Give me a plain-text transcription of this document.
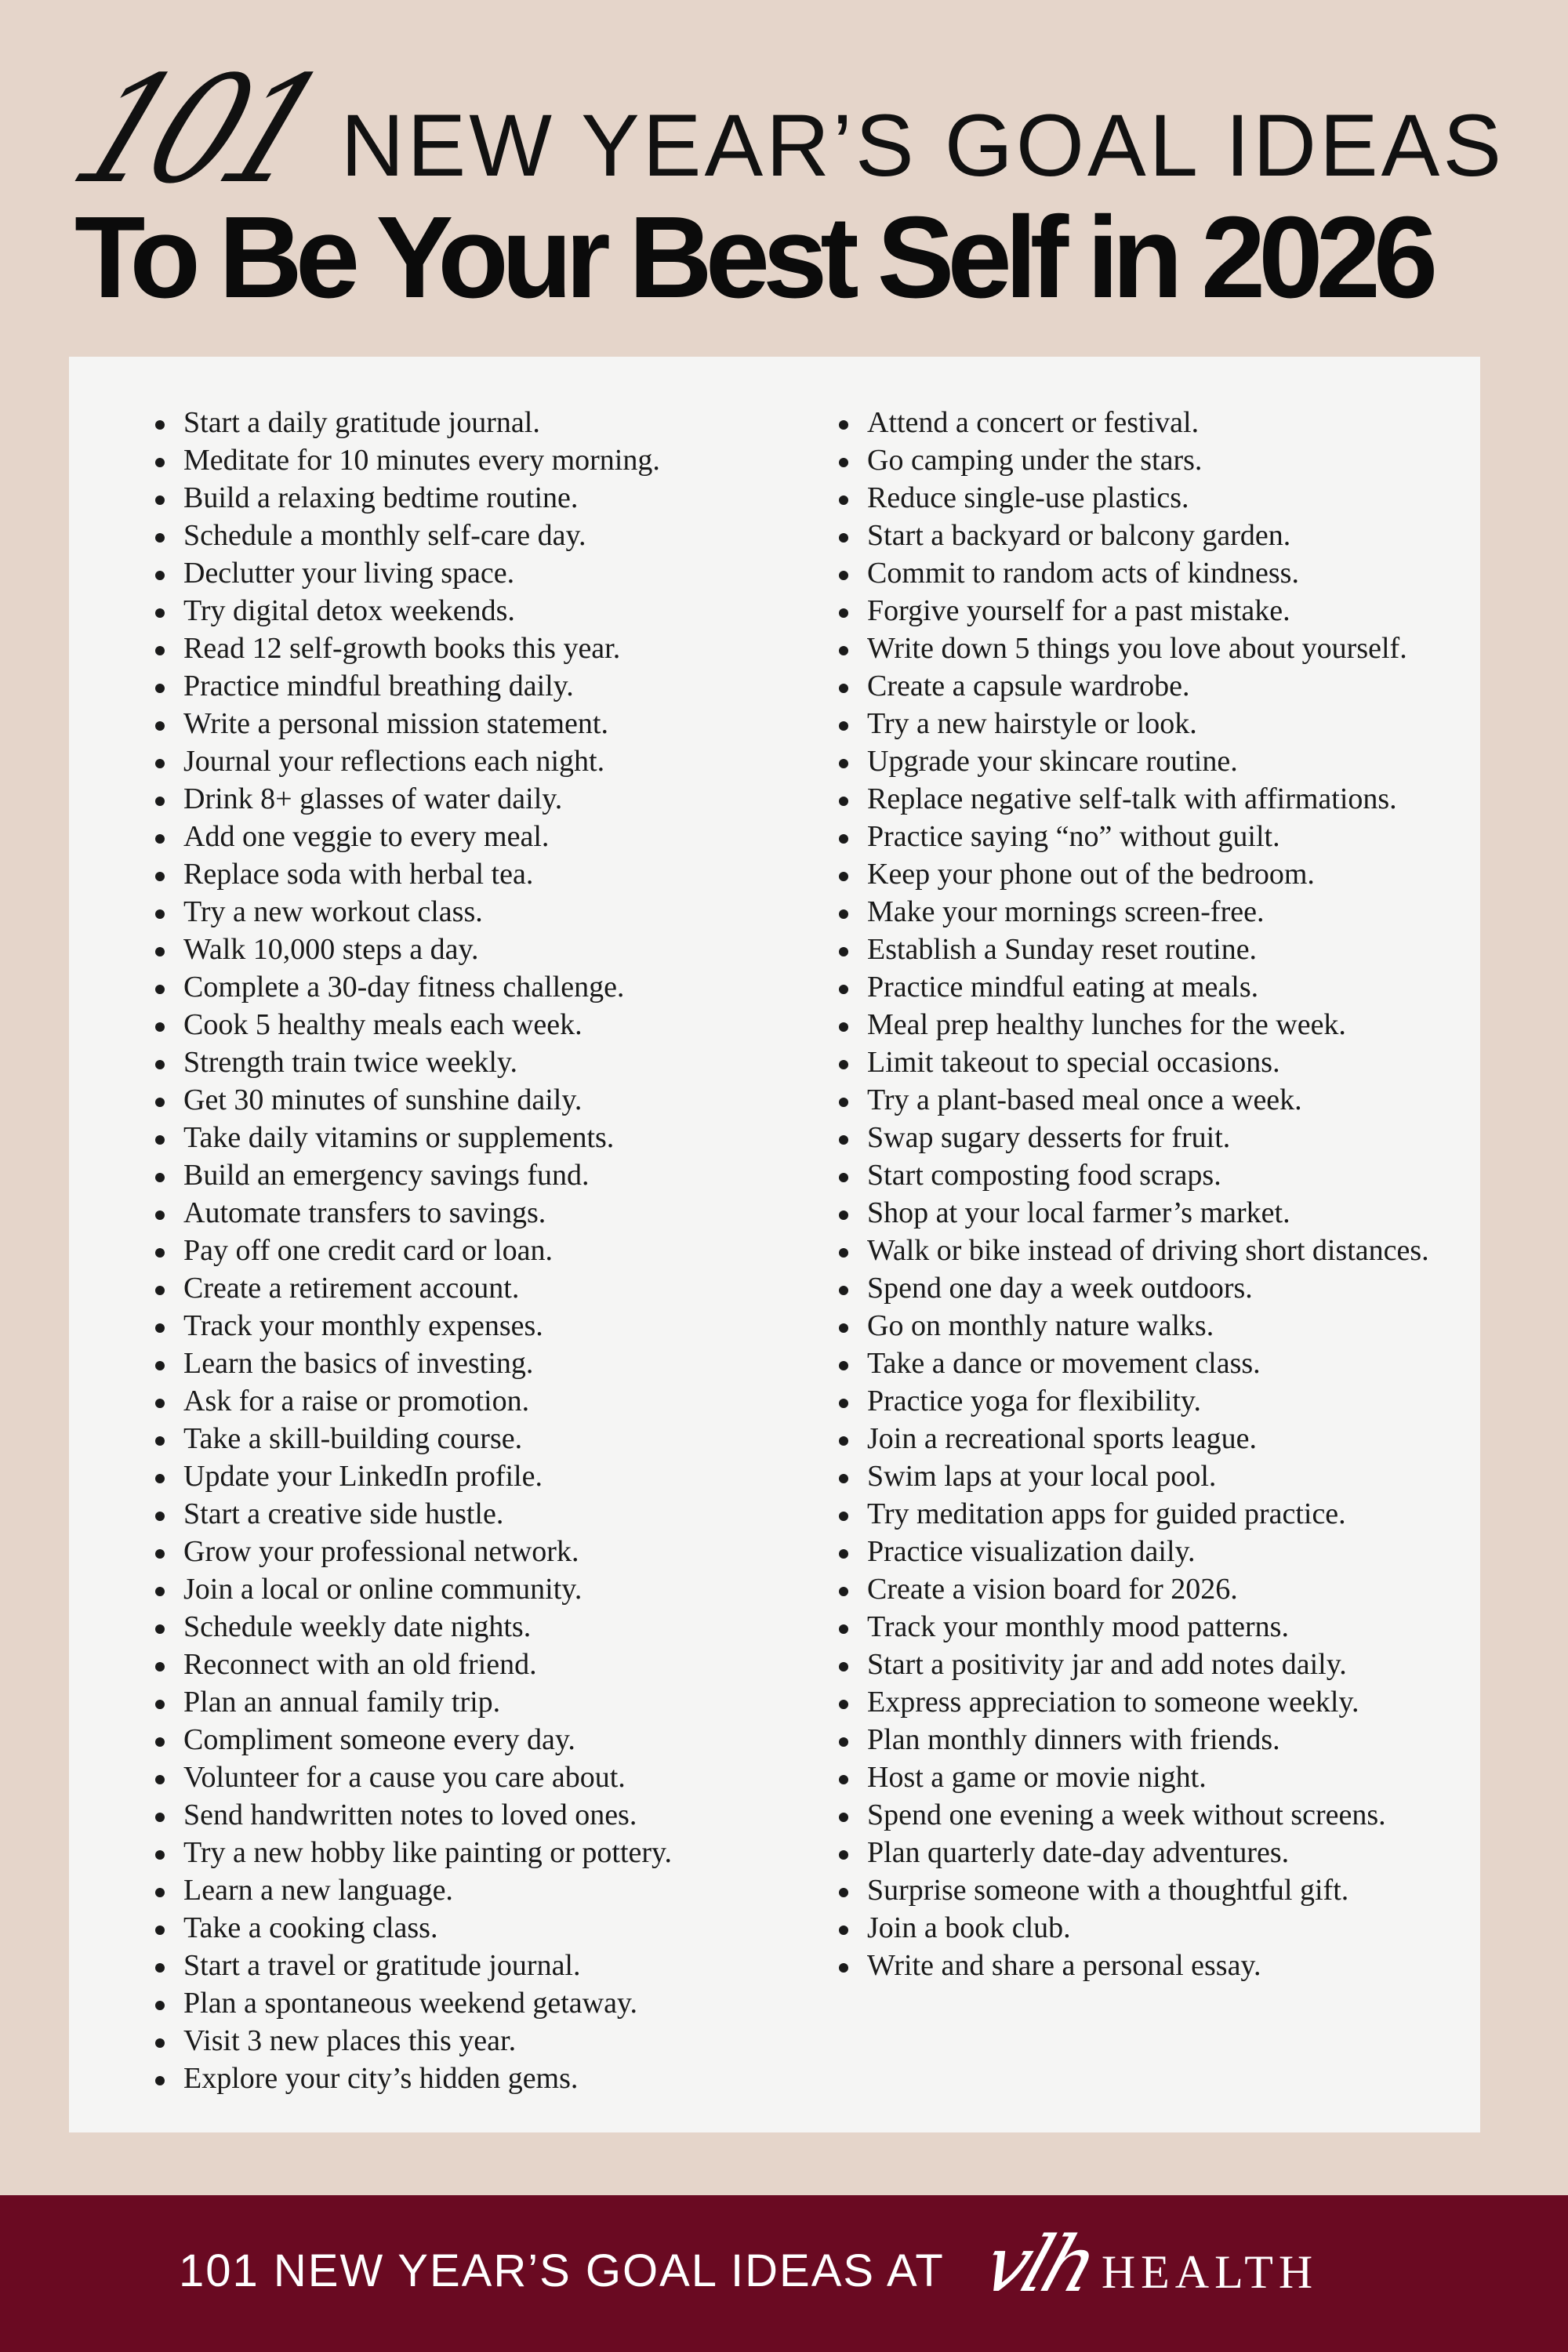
101 NEW YEAR’S GOAL IDEAS
To Be Your Best Self in 2026
Start a daily gratitude journal.
Meditate for 10 minutes every morning.
Build a relaxing bedtime routine.
Schedule a monthly self-care day.
Declutter your living space.
Try digital detox weekends.
Read 12 self-growth books this year.
Practice mindful breathing daily.
Write a personal mission statement.
Journal your reflections each night.
Drink 8+ glasses of water daily.
Add one veggie to every meal.
Replace soda with herbal tea.
Try a new workout class.
Walk 10,000 steps a day.
Complete a 30-day fitness challenge.
Cook 5 healthy meals each week.
Strength train twice weekly.
Get 30 minutes of sunshine daily.
Take daily vitamins or supplements.
Build an emergency savings fund.
Automate transfers to savings.
Pay off one credit card or loan.
Create a retirement account.
Track your monthly expenses.
Learn the basics of investing.
Ask for a raise or promotion.
Take a skill-building course.
Update your LinkedIn profile.
Start a creative side hustle.
Grow your professional network.
Join a local or online community.
Schedule weekly date nights.
Reconnect with an old friend.
Plan an annual family trip.
Compliment someone every day.
Volunteer for a cause you care about.
Send handwritten notes to loved ones.
Try a new hobby like painting or pottery.
Learn a new language.
Take a cooking class.
Start a travel or gratitude journal.
Plan a spontaneous weekend getaway.
Visit 3 new places this year.
Explore your city’s hidden gems.
Attend a concert or festival.
Go camping under the stars.
Reduce single-use plastics.
Start a backyard or balcony garden.
Commit to random acts of kindness.
Forgive yourself for a past mistake.
Write down 5 things you love about yourself.
Create a capsule wardrobe.
Try a new hairstyle or look.
Upgrade your skincare routine.
Replace negative self-talk with affirmations.
Practice saying “no” without guilt.
Keep your phone out of the bedroom.
Make your mornings screen-free.
Establish a Sunday reset routine.
Practice mindful eating at meals.
Meal prep healthy lunches for the week.
Limit takeout to special occasions.
Try a plant-based meal once a week.
Swap sugary desserts for fruit.
Start composting food scraps.
Shop at your local farmer’s market.
Walk or bike instead of driving short distances.
Spend one day a week outdoors.
Go on monthly nature walks.
Take a dance or movement class.
Practice yoga for flexibility.
Join a recreational sports league.
Swim laps at your local pool.
Try meditation apps for guided practice.
Practice visualization daily.
Create a vision board for 2026.
Track your monthly mood patterns.
Start a positivity jar and add notes daily.
Express appreciation to someone weekly.
Plan monthly dinners with friends.
Host a game or movie night.
Spend one evening a week without screens.
Plan quarterly date-day adventures.
Surprise someone with a thoughtful gift.
Join a book club.
Write and share a personal essay.
101 NEW YEAR’S GOAL IDEAS AT vlh
HEALTH
